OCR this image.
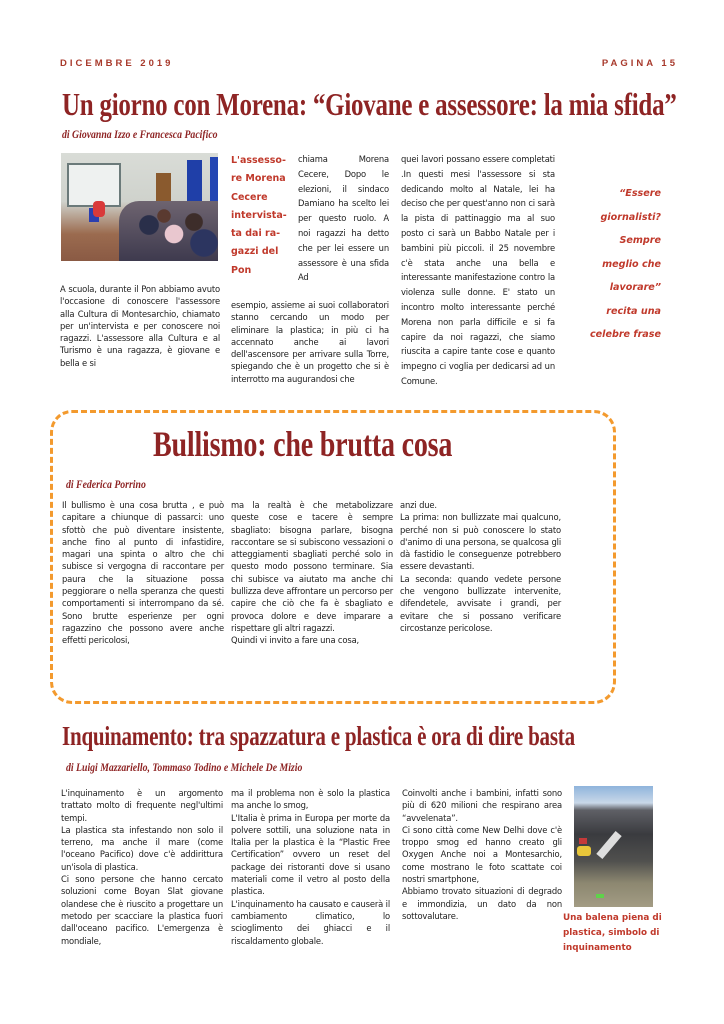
DICEMBRE 2019	PAGINA 15
Un giorno con Morena: “Giovane e assessore: la mia sfida”
di Giovanna Izzo e Francesca Pacifico
L'assesso-
re Morena
Cecere
intervista-
ta dai ra-
gazzi del
Pon
A scuola, durante il Pon abbiamo avuto l'occasione di conoscere l'assessore alla Cultura di Montesarchio, chiamato per un'intervista e per conoscere noi ragazzi. L'assessore alla Cultura e al Turismo è una ragazza, è giovane e bella e si
chiama Morena Cecere, Dopo le elezioni, il sindaco Damiano ha scelto lei per questo ruolo. A noi ragazzi ha detto che per lei essere un assessore è una sfida Ad
esempio, assieme ai suoi collaboratori stanno cercando un modo per eliminare la plastica; in più ci ha accennato anche ai lavori dell'ascensore per arrivare sulla Torre, spiegando che è un progetto che si è interrotto ma augurandosi che
quei lavori possano essere completati .In questi mesi l'assessore si sta dedicando molto al Natale, lei ha deciso che per quest'anno non ci sarà la pista di pattinaggio ma al suo posto ci sarà un Babbo Natale per i bambini più piccoli. il 25 novembre c'è stata anche una bella e interessante manifestazione contro la violenza sulle donne. E' stato un incontro molto interessante perché Morena non parla difficile e si fa capire da noi ragazzi, che siamo riuscita a capire tante cose e quanto impegno ci voglia per dedicarsi ad un Comune.
“Essere
giornalisti?
Sempre
meglio che
lavorare”
recita una
celebre frase
Bullismo: che brutta cosa
di Federica Porrino
Il bullismo è una cosa brutta , e può capitare a chiunque di passarci: uno sfottò che può diventare insistente, anche fino al punto di infastidire, magari una spinta o altro che chi subisce si vergogna di raccontare per paura che la situazione possa peggiorare o nella speranza che questi comportamenti si interrompano da sé. Sono brutte esperienze per ogni ragazzino che possono avere anche effetti pericolosi,

ma la realtà è che metabolizzare queste cose e tacere è sempre sbagliato: bisogna parlare, bisogna raccontare se si subiscono vessazioni o atteggiamenti sbagliati perché solo in questo modo possono terminare. Sia chi subisce va aiutato ma anche chi bullizza deve affrontare un percorso per capire che ciò che fa è sbagliato e provoca dolore e deve imparare a rispettare gli altri ragazzi.

Quindi vi invito a fare una cosa,

anzi due.

La prima: non bullizzate mai qualcuno, perché non si può conoscere lo stato d'animo di una persona, se qualcosa gli dà fastidio le conseguenze potrebbero essere devastanti.

La seconda: quando vedete persone che vengono bullizzate intervenite, difendetele, avvisate i grandi, per evitare che si possano verificare circostanze pericolose.

Inquinamento: tra spazzatura e plastica è ora di dire basta
di Luigi Mazzariello, Tommaso Todino e Michele De Mizio

L'inquinamento è un argomento trattato molto di frequente negl'ultimi tempi.

La plastica sta infestando non solo il terreno, ma anche il mare (come l'oceano Pacifico) dove c'è addirittura un'isola di plastica.

Ci sono persone che hanno cercato soluzioni come Boyan Slat giovane olandese che è riuscito a progettare un metodo per scacciare la plastica fuori dall'oceano pacifico. L'emergenza è mondiale,

ma il problema non è solo la plastica ma anche lo smog,

L'Italia è prima in Europa per morte da polvere sottili, una soluzione nata in Italia per la plastica è la “Plastic Free Certification” ovvero un reset del package dei ristoranti dove si usano materiali come il vetro al posto della plastica.

L'inquinamento ha causato e causerà il cambiamento climatico, lo scioglimento dei ghiacci e il riscaldamento globale.

Coinvolti anche i bambini, infatti sono più di 620 milioni che respirano area “avvelenata”.

Ci sono città come New Delhi dove c'è troppo smog ed hanno creato gli Oxygen Anche noi a Montesarchio, come mostrano le foto scattate coi nostri smartphone,

Abbiamo trovato situazioni di degrado e immondizia, un dato da non sottovalutare.	Una balena piena di
plastica, simbolo di
inquinamento
